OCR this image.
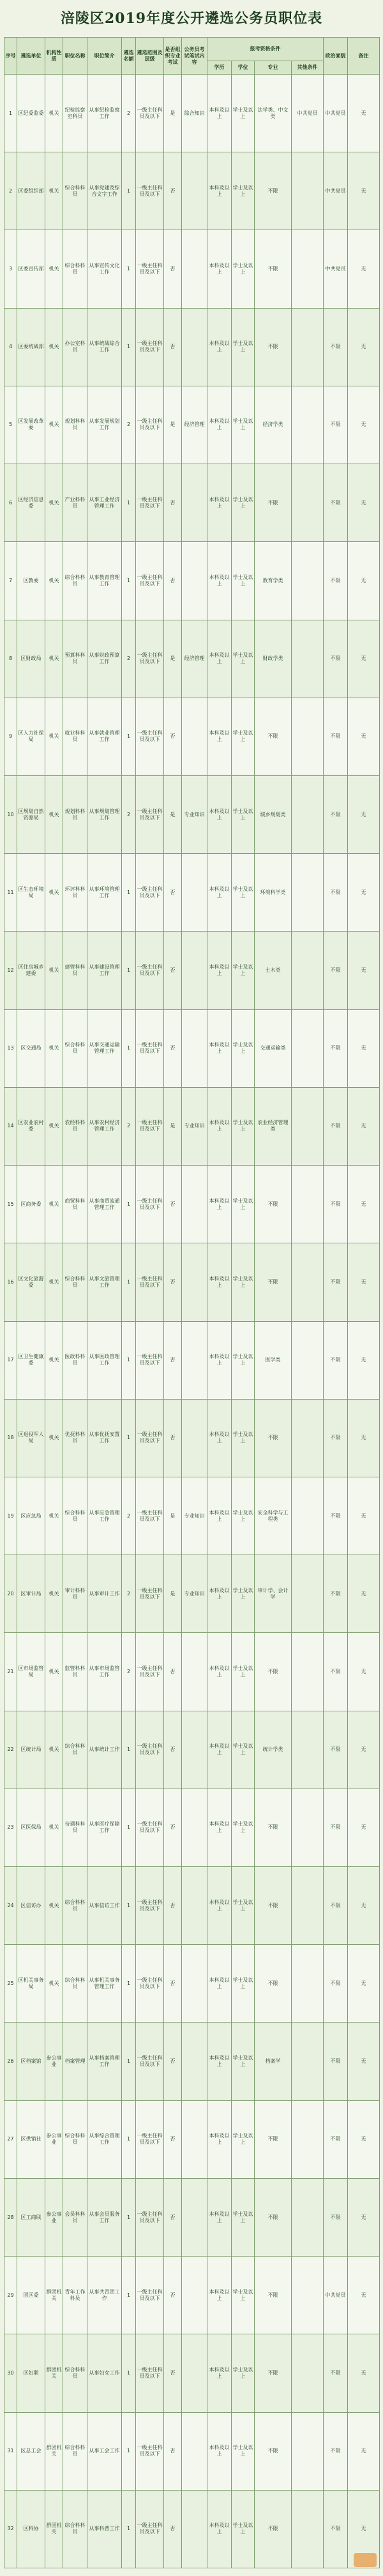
涪陵区2019年度公开遴选公务员职位表
序号	遴选单位	机构性质	职位名称	职位简介	遴选名额	遴选范围及层级	是否组织专业考试	公务员考试笔试内容	报考资格条件				政治面貌	备注
									学历	学位	专业	其他条件		
1	区纪委监委	机关	纪检监察室科员	从事纪检监察工作	2	一级主任科员及以下	是	综合知识	本科及以上	学士及以上	法学类、中文类	中共党员	中共党员	无
2	区委组织部	机关	综合科科员	从事党建及综合文字工作	1	一级主任科员及以下	否		本科及以上	学士及以上	不限		中共党员	无
3	区委宣传部	机关	综合科科员	从事宣传文化工作	1	一级主任科员及以下	否		本科及以上	学士及以上	不限		中共党员	无
4	区委统战部	机关	办公室科员	从事统战综合工作	1	一级主任科员及以下	否		本科及以上	学士及以上	不限		不限	无
5	区发展改革委	机关	规划科科员	从事发展规划工作	2	一级主任科员及以下	是	经济管理	本科及以上	学士及以上	经济学类		不限	无
6	区经济信息委	机关	产业科科员	从事工业经济管理工作	1	一级主任科员及以下	否		本科及以上	学士及以上	不限		不限	无
7	区教委	机关	综合科科员	从事教育管理工作	1	一级主任科员及以下	否		本科及以上	学士及以上	教育学类		不限	无
8	区财政局	机关	预算科科员	从事财政预算工作	2	一级主任科员及以下	是	经济管理	本科及以上	学士及以上	财政学类		不限	无
9	区人力社保局	机关	就业科科员	从事就业管理工作	1	一级主任科员及以下	否		本科及以上	学士及以上	不限		不限	无
10	区规划自然资源局	机关	规划科科员	从事规划管理工作	2	一级主任科员及以下	是	专业知识	本科及以上	学士及以上	城乡规划类		不限	无
11	区生态环境局	机关	环评科科员	从事环境管理工作	1	一级主任科员及以下	否		本科及以上	学士及以上	环境科学类		不限	无
12	区住房城乡建委	机关	建管科科员	从事建设管理工作	1	一级主任科员及以下	否		本科及以上	学士及以上	土木类		不限	无
13	区交通局	机关	综合科科员	从事交通运输管理工作	1	一级主任科员及以下	否		本科及以上	学士及以上	交通运输类		不限	无
14	区农业农村委	机关	农经科科员	从事农村经济管理工作	2	一级主任科员及以下	是	专业知识	本科及以上	学士及以上	农业经济管理类		不限	无
15	区商务委	机关	商贸科科员	从事商贸流通管理工作	1	一级主任科员及以下	否		本科及以上	学士及以上	不限		不限	无
16	区文化旅游委	机关	综合科科员	从事文旅管理工作	1	一级主任科员及以下	否		本科及以上	学士及以上	不限		不限	无
17	区卫生健康委	机关	医政科科员	从事医政管理工作	1	一级主任科员及以下	否		本科及以上	学士及以上	医学类		不限	无
18	区退役军人局	机关	优抚科科员	从事优抚安置工作	1	一级主任科员及以下	否		本科及以上	学士及以上	不限		不限	无
19	区应急局	机关	综合科科员	从事应急管理工作	2	一级主任科员及以下	是	专业知识	本科及以上	学士及以上	安全科学与工程类		不限	无
20	区审计局	机关	审计科科员	从事审计工作	2	一级主任科员及以下	是	专业知识	本科及以上	学士及以上	审计学、会计学		不限	无
21	区市场监管局	机关	监管科科员	从事市场监管工作	2	一级主任科员及以下	否		本科及以上	学士及以上	不限		不限	无
22	区统计局	机关	综合科科员	从事统计工作	1	一级主任科员及以下	否		本科及以上	学士及以上	统计学类		不限	无
23	区医保局	机关	待遇科科员	从事医疗保障工作	1	一级主任科员及以下	否		本科及以上	学士及以上	不限		不限	无
24	区信访办	机关	综合科科员	从事信访工作	1	一级主任科员及以下	否		本科及以上	学士及以上	不限		不限	无
25	区机关事务局	机关	综合科科员	从事机关事务管理工作	1	一级主任科员及以下	否		本科及以上	学士及以上	不限		不限	无
26	区档案馆	参公事业	档案管理	从事档案管理工作	1	一级主任科员及以下	否		本科及以上	学士及以上	档案学		不限	无
27	区供销社	参公事业	综合科科员	从事综合管理工作	1	一级主任科员及以下	否		本科及以上	学士及以上	不限		不限	无
28	区工商联	参公事业	会员科科员	从事会员服务工作	1	一级主任科员及以下	否		本科及以上	学士及以上	不限		不限	无
29	团区委	群团机关	青年工作科员	从事共青团工作	1	一级主任科员及以下	否		本科及以上	学士及以上	不限		中共党员	无
30	区妇联	群团机关	综合科科员	从事妇女工作	1	一级主任科员及以下	否		本科及以上	学士及以上	不限		不限	无
31	区总工会	群团机关	综合科科员	从事工会工作	1	一级主任科员及以下	否		本科及以上	学士及以上	不限		不限	无
32	区科协	群团机关	综合科科员	从事科普工作	1	一级主任科员及以下	否		本科及以上	学士及以上	不限		不限	无
